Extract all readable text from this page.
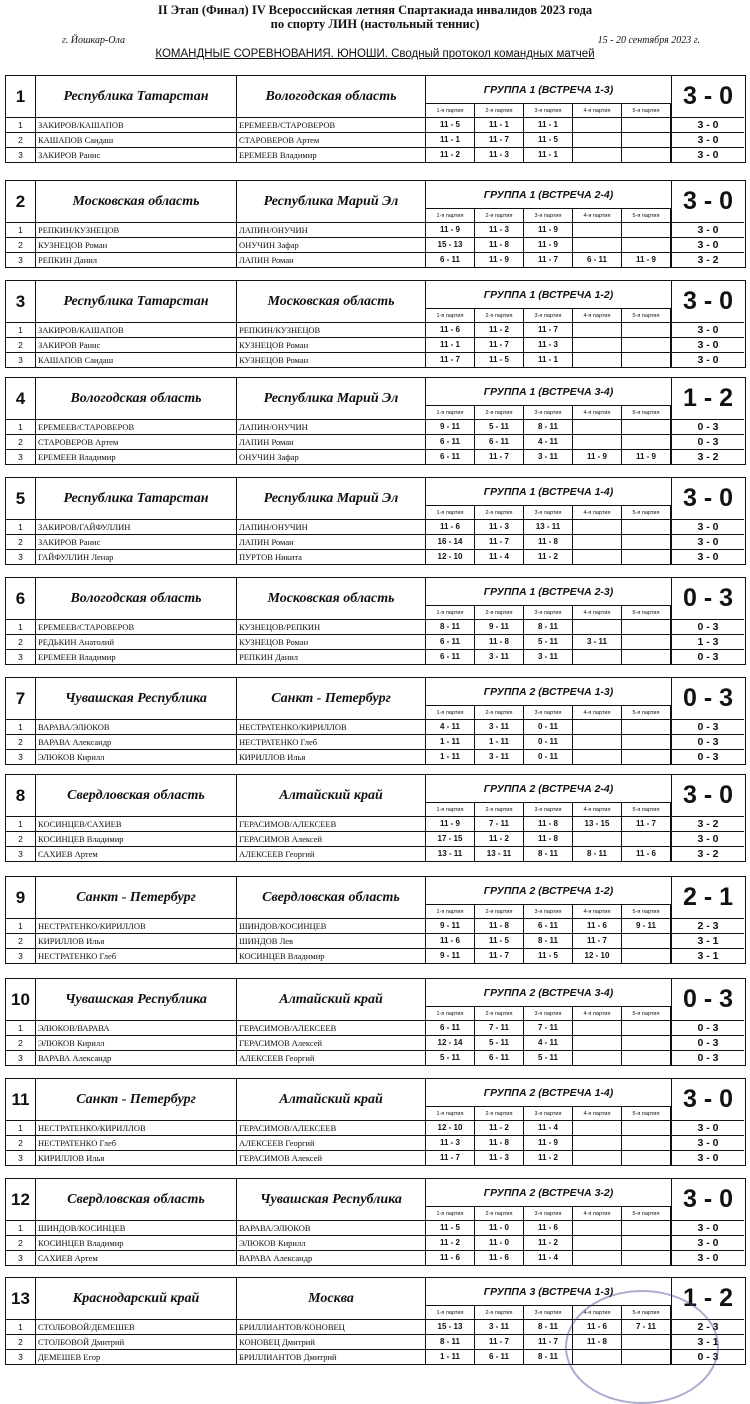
II Этап (Финал) IV Всероссийская летняя Спартакиада инвалидов 2023 года
по спорту ЛИН (настольный теннис)
г. Йошкар-Ола	15 - 20 сентября 2023 г.
КОМАНДНЫЕ СОРЕВНОВАНИЯ. ЮНОШИ. Сводный протокол командных матчей
1	Республика Татарстан	Вологодская область	ГРУППА 1 (ВСТРЕЧА 1-3)
1-я партия	2-я партия	3-я партия	4-я партия	5-я партия
3 - 0
1	ЗАКИРОВ/КАШАПОВ	ЕРЕМЕЕВ/СТАРОВЕРОВ	11 - 5	11 - 1	11 - 1	3 - 0
2	КАШАПОВ Саидаш	СТАРОВЕРОВ Артем	11 - 1	11 - 7	11 - 5	3 - 0
3	ЗАКИРОВ Ранис	ЕРЕМЕЕВ Владимир	11 - 2	11 - 3	11 - 1	3 - 0
2	Московская область	Республика Марий Эл	ГРУППА 1 (ВСТРЕЧА 2-4)
1-я партия	2-я партия	3-я партия	4-я партия	5-я партия
3 - 0
1	РЕПКИН/КУЗНЕЦОВ	ЛАПИН/ОНУЧИН	11 - 9	11 - 3	11 - 9	3 - 0
2	КУЗНЕЦОВ Роман	ОНУЧИН Зафар	15 - 13	11 - 8	11 - 9	3 - 0
3	РЕПКИН Данил	ЛАПИН Роман	6 - 11	11 - 9	11 - 7	6 - 11	11 - 9	3 - 2
3	Республика Татарстан	Московская область	ГРУППА 1 (ВСТРЕЧА 1-2)
1-я партия	2-я партия	3-я партия	4-я партия	5-я партия
3 - 0
1	ЗАКИРОВ/КАШАПОВ	РЕПКИН/КУЗНЕЦОВ	11 - 6	11 - 2	11 - 7	3 - 0
2	ЗАКИРОВ Ранис	КУЗНЕЦОВ Роман	11 - 1	11 - 7	11 - 3	3 - 0
3	КАШАПОВ Саидаш	КУЗНЕЦОВ Роман	11 - 7	11 - 5	11 - 1	3 - 0
4	Вологодская область	Республика Марий Эл	ГРУППА 1 (ВСТРЕЧА 3-4)
1-я партия	2-я партия	3-я партия	4-я партия	5-я партия
1 - 2
1	ЕРЕМЕЕВ/СТАРОВЕРОВ	ЛАПИН/ОНУЧИН	9 - 11	5 - 11	8 - 11	0 - 3
2	СТАРОВЕРОВ Артем	ЛАПИН Роман	6 - 11	6 - 11	4 - 11	0 - 3
3	ЕРЕМЕЕВ Владимир	ОНУЧИН Зафар	6 - 11	11 - 7	3 - 11	11 - 9	11 - 9	3 - 2
5	Республика Татарстан	Республика Марий Эл	ГРУППА 1 (ВСТРЕЧА 1-4)
1-я партия	2-я партия	3-я партия	4-я партия	5-я партия
3 - 0
1	ЗАКИРОВ/ГАЙФУЛЛИН	ЛАПИН/ОНУЧИН	11 - 6	11 - 3	13 - 11	3 - 0
2	ЗАКИРОВ Ранис	ЛАПИН Роман	16 - 14	11 - 7	11 - 8	3 - 0
3	ГАЙФУЛЛИН Ленар	ПУРТОВ Никита	12 - 10	11 - 4	11 - 2	3 - 0
6	Вологодская область	Московская область	ГРУППА 1 (ВСТРЕЧА 2-3)
1-я партия	2-я партия	3-я партия	4-я партия	5-я партия
0 - 3
1	ЕРЕМЕЕВ/СТАРОВЕРОВ	КУЗНЕЦОВ/РЕПКИН	8 - 11	9 - 11	8 - 11	0 - 3
2	РЕДЬКИН Анатолий	КУЗНЕЦОВ Роман	6 - 11	11 - 8	5 - 11	3 - 11	1 - 3
3	ЕРЕМЕЕВ Владимир	РЕПКИН Данил	6 - 11	3 - 11	3 - 11	0 - 3
7	Чувашская Республика	Санкт - Петербург	ГРУППА 2 (ВСТРЕЧА 1-3)
1-я партия	2-я партия	3-я партия	4-я партия	5-я партия
0 - 3
1	ВАРАВА/ЭЛЮКОВ	НЕСТРАТЕНКО/КИРИЛЛОВ	4 - 11	3 - 11	0 - 11	0 - 3
2	ВАРАВА Александр	НЕСТРАТЕНКО Глеб	1 - 11	1 - 11	0 - 11	0 - 3
3	ЭЛЮКОВ Кирилл	КИРИЛЛОВ Илья	1 - 11	3 - 11	0 - 11	0 - 3
8	Свердловская область	Алтайский край	ГРУППА 2 (ВСТРЕЧА 2-4)
1-я партия	2-я партия	3-я партия	4-я партия	5-я партия
3 - 0
1	КОСИНЦЕВ/САХИЕВ	ГЕРАСИМОВ/АЛЕКСЕЕВ	11 - 9	7 - 11	11 - 8	13 - 15	11 - 7	3 - 2
2	КОСИНЦЕВ Владимир	ГЕРАСИМОВ Алексей	17 - 15	11 - 2	11 - 8	3 - 0
3	САХИЕВ Артем	АЛЕКСЕЕВ Георгий	13 - 11	13 - 11	8 - 11	8 - 11	11 - 6	3 - 2
9	Санкт - Петербург	Свердловская область	ГРУППА 2 (ВСТРЕЧА 1-2)
1-я партия	2-я партия	3-я партия	4-я партия	5-я партия
2 - 1
1	НЕСТРАТЕНКО/КИРИЛЛОВ	ШИНДОВ/КОСИНЦЕВ	9 - 11	11 - 8	6 - 11	11 - 6	9 - 11	2 - 3
2	КИРИЛЛОВ Илья	ШИНДОВ Лев	11 - 6	11 - 5	8 - 11	11 - 7	3 - 1
3	НЕСТРАТЕНКО Глеб	КОСИНЦЕВ Владимир	9 - 11	11 - 7	11 - 5	12 - 10	3 - 1
10	Чувашская Республика	Алтайский край	ГРУППА 2 (ВСТРЕЧА 3-4)
1-я партия	2-я партия	3-я партия	4-я партия	5-я партия
0 - 3
1	ЭЛЮКОВ/ВАРАВА	ГЕРАСИМОВ/АЛЕКСЕЕВ	6 - 11	7 - 11	7 - 11	0 - 3
2	ЭЛЮКОВ Кирилл	ГЕРАСИМОВ Алексей	12 - 14	5 - 11	4 - 11	0 - 3
3	ВАРАВА Александр	АЛЕКСЕЕВ Георгий	5 - 11	6 - 11	5 - 11	0 - 3
11	Санкт - Петербург	Алтайский край	ГРУППА 2 (ВСТРЕЧА 1-4)
1-я партия	2-я партия	3-я партия	4-я партия	5-я партия
3 - 0
1	НЕСТРАТЕНКО/КИРИЛЛОВ	ГЕРАСИМОВ/АЛЕКСЕЕВ	12 - 10	11 - 2	11 - 4	3 - 0
2	НЕСТРАТЕНКО Глеб	АЛЕКСЕЕВ Георгий	11 - 3	11 - 8	11 - 9	3 - 0
3	КИРИЛЛОВ Илья	ГЕРАСИМОВ Алексей	11 - 7	11 - 3	11 - 2	3 - 0
12	Свердловская область	Чувашская Республика	ГРУППА 2 (ВСТРЕЧА 3-2)
1-я партия	2-я партия	3-я партия	4-я партия	5-я партия
3 - 0
1	ШИНДОВ/КОСИНЦЕВ	ВАРАВА/ЭЛЮКОВ	11 - 5	11 - 0	11 - 6	3 - 0
2	КОСИНЦЕВ Владимир	ЭЛЮКОВ Кирилл	11 - 2	11 - 0	11 - 2	3 - 0
3	САХИЕВ Артем	ВАРАВА Александр	11 - 6	11 - 6	11 - 4	3 - 0
13	Краснодарский край	Москва	ГРУППА 3 (ВСТРЕЧА 1-3)
1-я партия	2-я партия	3-я партия	4-я партия	5-я партия
1 - 2
1	СТОЛБОВОЙ/ДЕМЕШЕВ	БРИЛЛИАНТОВ/КОНОВЕЦ	15 - 13	3 - 11	8 - 11	11 - 6	7 - 11	2 - 3
2	СТОЛБОВОЙ Дмитрий	КОНОВЕЦ Дмитрий	8 - 11	11 - 7	11 - 7	11 - 8	3 - 1
3	ДЕМЕШЕВ Егор	БРИЛЛИАНТОВ Дмитрий	1 - 11	6 - 11	8 - 11	0 - 3
